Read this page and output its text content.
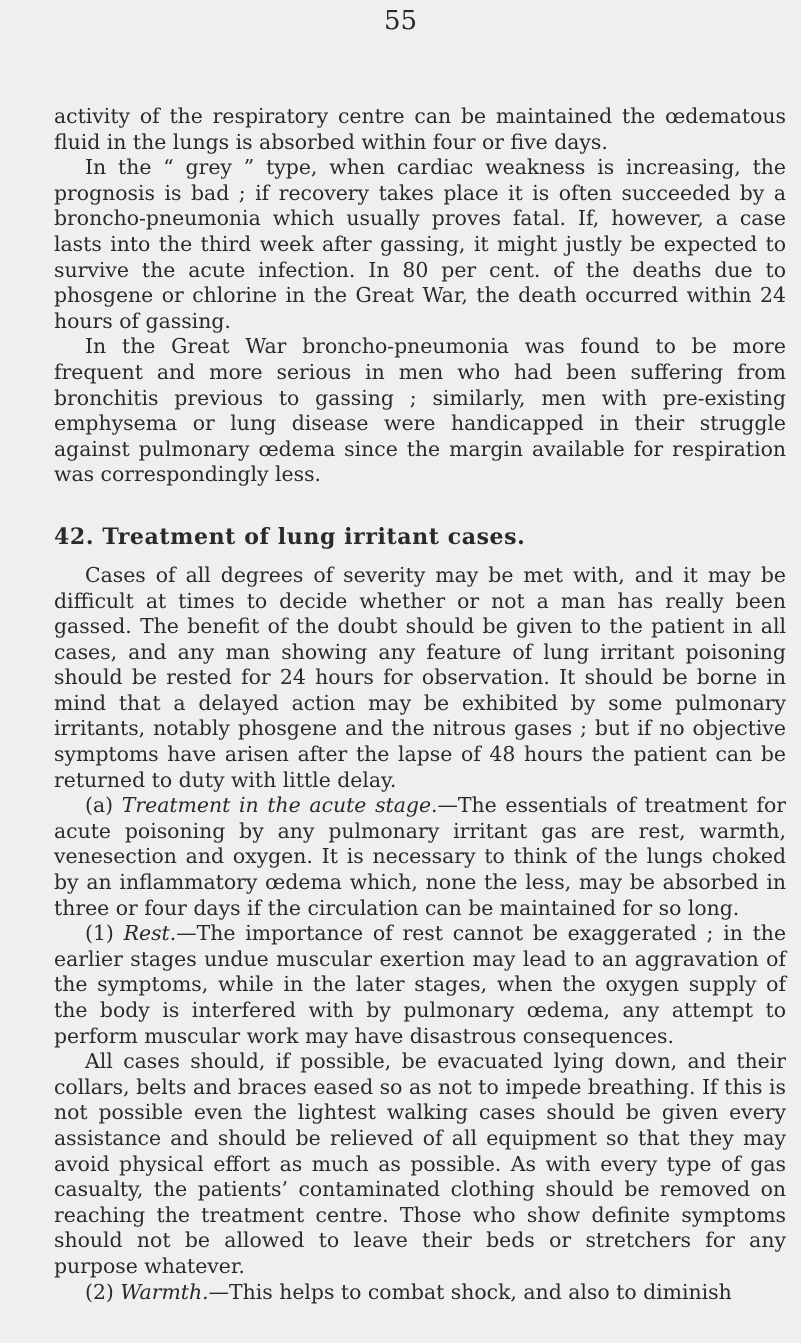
55

activity of the respiratory centre can be maintained the œdematous fluid in the lungs is absorbed within four or five days.

In the “ grey ” type, when cardiac weakness is increasing, the prognosis is bad ; if recovery takes place it is often succeeded by a broncho-pneumonia which usually proves fatal. If, however, a case lasts into the third week after gassing, it might justly be expected to survive the acute infection. In 80 per cent. of the deaths due to phosgene or chlorine in the Great War, the death occurred within 24 hours of gassing.

In the Great War broncho-pneumonia was found to be more frequent and more serious in men who had been suffering from bronchitis previous to gassing ; similarly, men with pre-existing emphysema or lung disease were handicapped in their struggle against pulmonary œdema since the margin available for respiration was correspondingly less.

42. Treatment of lung irritant cases.

Cases of all degrees of severity may be met with, and it may be difficult at times to decide whether or not a man has really been gassed. The benefit of the doubt should be given to the patient in all cases, and any man showing any feature of lung irritant poisoning should be rested for 24 hours for observation. It should be borne in mind that a delayed action may be exhibited by some pulmonary irritants, notably phosgene and the nitrous gases ; but if no objective symptoms have arisen after the lapse of 48 hours the patient can be returned to duty with little delay.

(a) Treatment in the acute stage.—The essentials of treatment for acute poisoning by any pulmonary irritant gas are rest, warmth, venesection and oxygen. It is necessary to think of the lungs choked by an inflammatory œdema which, none the less, may be absorbed in three or four days if the circulation can be maintained for so long.

(1) Rest.—The importance of rest cannot be exaggerated ; in the earlier stages undue muscular exertion may lead to an aggravation of the symptoms, while in the later stages, when the oxygen supply of the body is interfered with by pulmonary œdema, any attempt to perform muscular work may have disastrous consequences.

All cases should, if possible, be evacuated lying down, and their collars, belts and braces eased so as not to impede breathing. If this is not possible even the lightest walking cases should be given every assistance and should be relieved of all equipment so that they may avoid physical effort as much as possible. As with every type of gas casualty, the patients’ contaminated clothing should be removed on reaching the treatment centre. Those who show definite symptoms should not be allowed to leave their beds or stretchers for any purpose whatever.

(2) Warmth.—This helps to combat shock, and also to diminish
